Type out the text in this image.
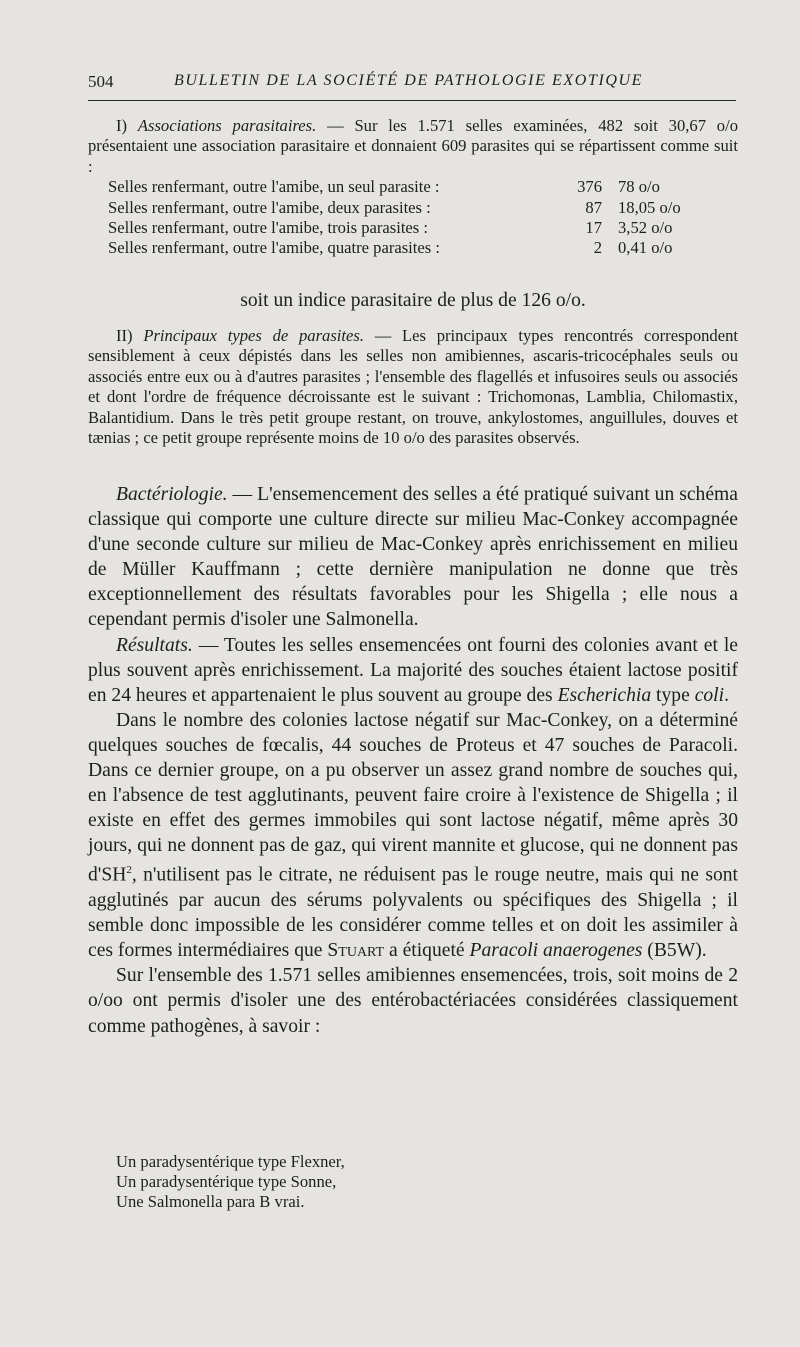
504	BULLETIN DE LA SOCIÉTÉ DE PATHOLOGIE EXOTIQUE

I) Associations parasitaires. — Sur les 1.571 selles examinées, 482 soit 30,67 o/o présentaient une association parasitaire et donnaient 609 parasites qui se répartissent comme suit :

Selles renfermant, outre l'amibe, un seul parasite :	376 78 o/o
Selles renfermant, outre l'amibe, deux parasites :	87 18,05 o/o
Selles renfermant, outre l'amibe, trois parasites :	17 3,52 o/o
Selles renfermant, outre l'amibe, quatre parasites :	2 0,41 o/o
soit un indice parasitaire de plus de 126 o/o.

II) Principaux types de parasites. — Les principaux types rencontrés correspondent sensiblement à ceux dépistés dans les selles non amibiennes, ascaris-tricocéphales seuls ou associés entre eux ou à d'autres parasites ; l'ensemble des flagellés et infusoires seuls ou associés et dont l'ordre de fréquence décroissante est le suivant : Trichomonas, Lamblia, Chilomastix, Balantidium. Dans le très petit groupe restant, on trouve, ankylostomes, anguillules, douves et tænias ; ce petit groupe représente moins de 10 o/o des parasites observés.

Bactériologie. — L'ensemencement des selles a été pratiqué suivant un schéma classique qui comporte une culture directe sur milieu Mac-Conkey accompagnée d'une seconde culture sur milieu de Mac-Conkey après enrichissement en milieu de Müller Kauffmann ; cette dernière manipulation ne donne que très exceptionnellement des résultats favorables pour les Shigella ; elle nous a cependant permis d'isoler une Salmonella.

Résultats. — Toutes les selles ensemencées ont fourni des colonies avant et le plus souvent après enrichissement. La majorité des souches étaient lactose positif en 24 heures et appartenaient le plus souvent au groupe des Escherichia type coli.

Dans le nombre des colonies lactose négatif sur Mac-Conkey, on a déterminé quelques souches de fœcalis, 44 souches de Proteus et 47 souches de Paracoli. Dans ce dernier groupe, on a pu observer un assez grand nombre de souches qui, en l'absence de test agglutinants, peuvent faire croire à l'existence de Shigella ; il existe en effet des germes immobiles qui sont lactose négatif, même après 30 jours, qui ne donnent pas de gaz, qui virent mannite et glucose, qui ne donnent pas $d'SH^2$, n'utilisent pas le citrate, ne réduisent pas le rouge neutre, mais qui ne sont agglutinés par aucun des sérums polyvalents ou spécifiques des Shigella ; il semble donc impossible de les considérer comme telles et on doit les assimiler à ces formes intermédiaires que Stuart a étiqueté Paracoli anaerogenes (B5W).

Sur l'ensemble des 1.571 selles amibiennes ensemencées, trois, soit moins de 2 o/oo ont permis d'isoler une des entérobactériacées considérées classiquement comme pathogènes, à savoir :

Un paradysentérique type Flexner,
Un paradysentérique type Sonne,
Une Salmonella para B vrai.
